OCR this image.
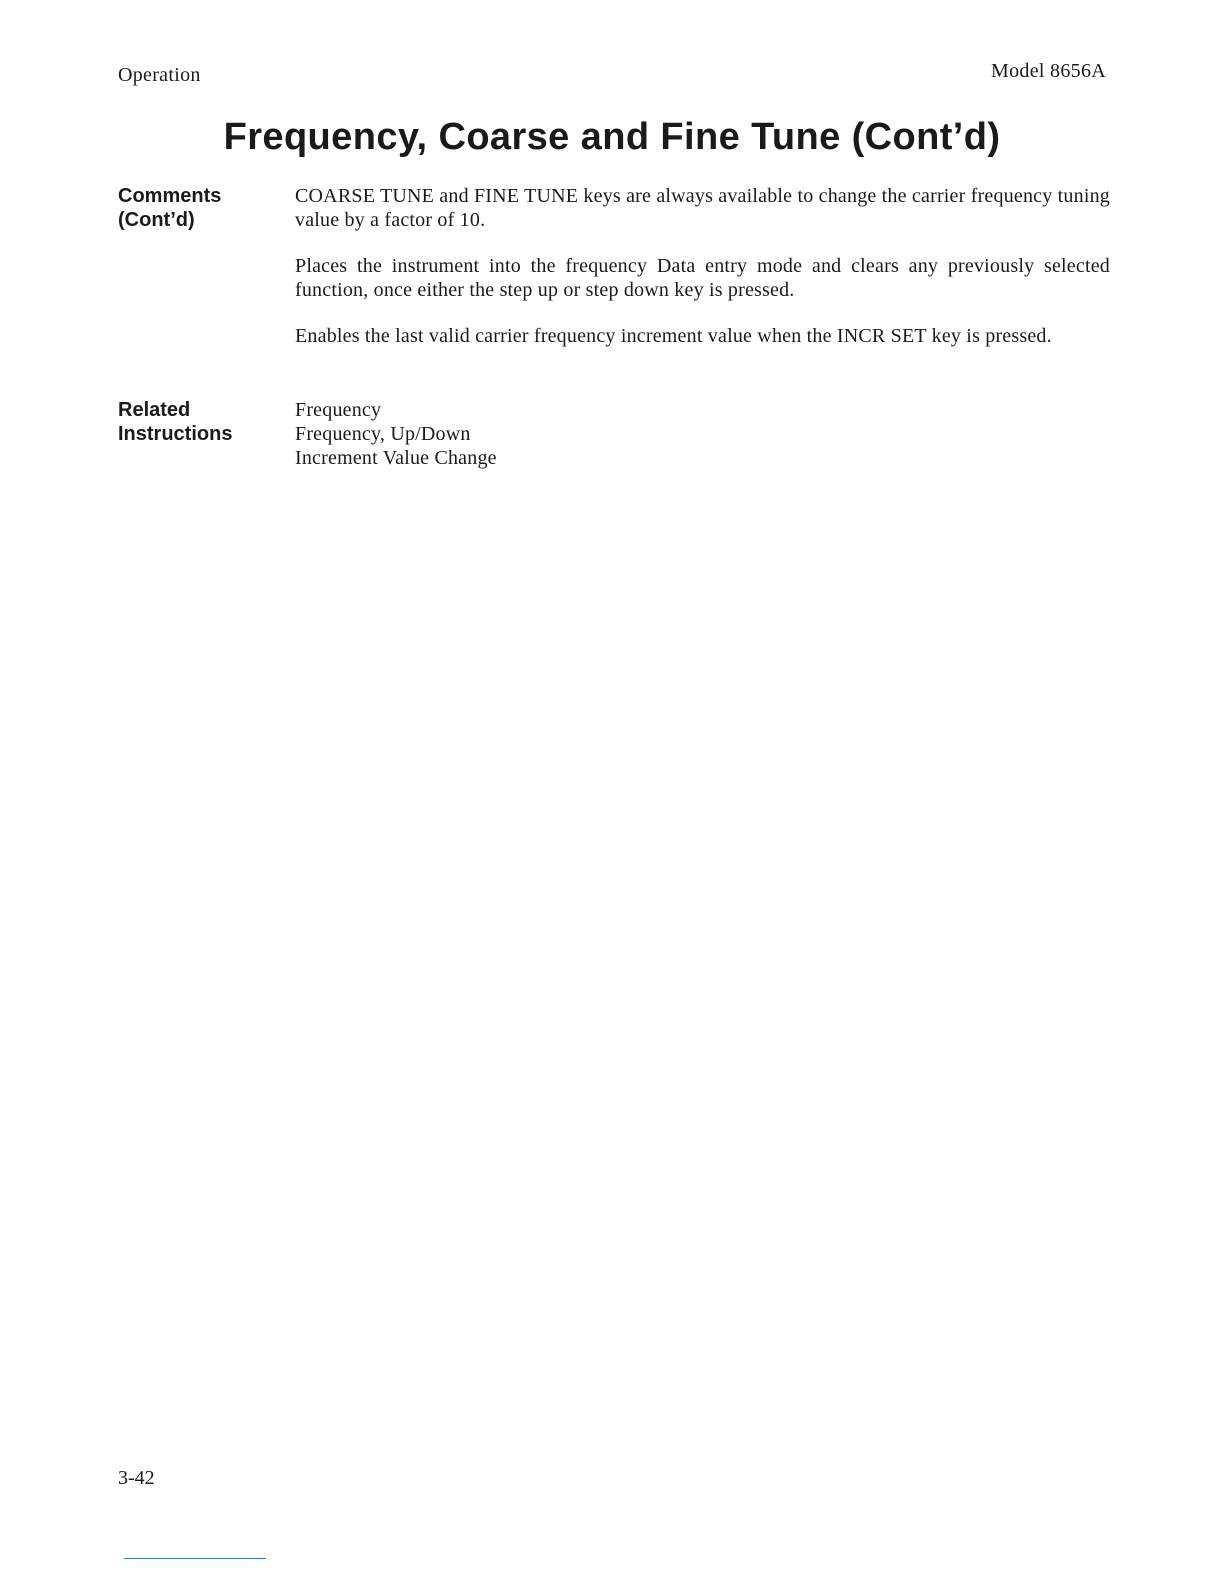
Operation	Model 8656A
Frequency, Coarse and Fine Tune (Cont’d)
Comments
(Cont’d)

COARSE TUNE and FINE TUNE keys are always available to change the carrier frequency tuning value by a factor of 10.

Places the instrument into the frequency Data entry mode and clears any previously selected function, once either the step up or step down key is pressed.

Enables the last valid carrier frequency increment value when the INCR SET key is pressed.

Related
Instructions
Frequency
Frequency, Up/Down
Increment Value Change
3-42
